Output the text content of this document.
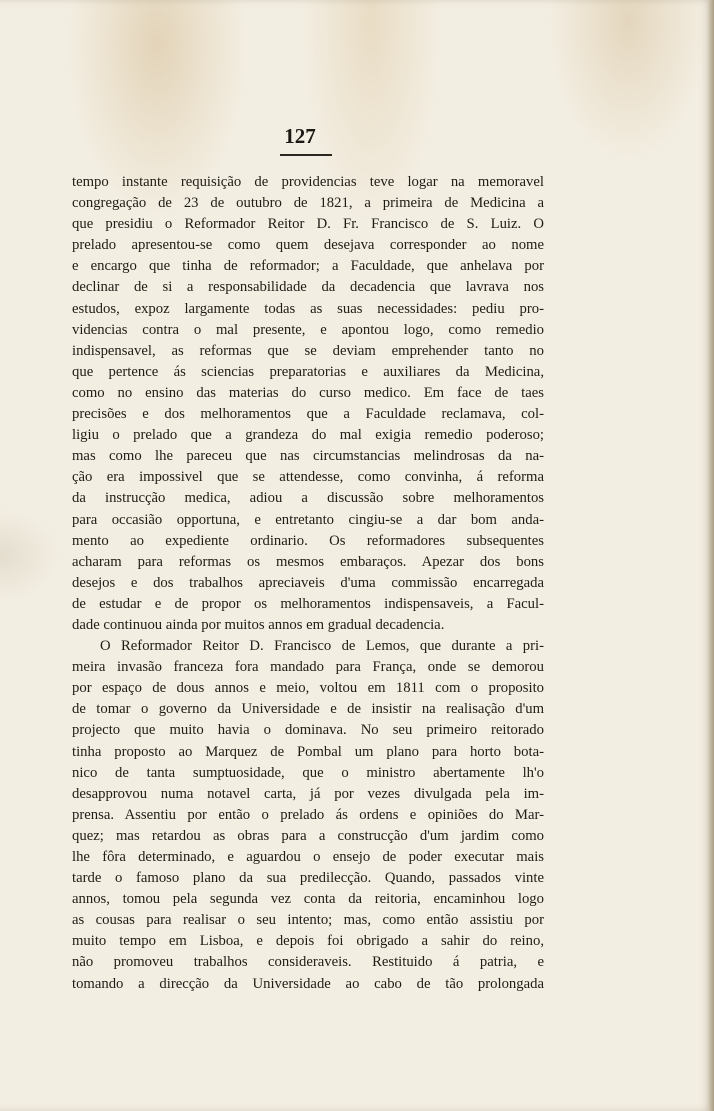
127
tempo instante requisição de providencias teve logar na memoravel
congregação de 23 de outubro de 1821, a primeira de Medicina a
que presidiu o Reformador Reitor D. Fr. Francisco de S. Luiz. O
prelado apresentou-se como quem desejava corresponder ao nome
e encargo que tinha de reformador; a Faculdade, que anhelava por
declinar de si a responsabilidade da decadencia que lavrava nos
estudos, expoz largamente todas as suas necessidades: pediu pro-
videncias contra o mal presente, e apontou logo, como remedio
indispensavel, as reformas que se deviam emprehender tanto no
que pertence ás sciencias preparatorias e auxiliares da Medicina,
como no ensino das materias do curso medico. Em face de taes
precisões e dos melhoramentos que a Faculdade reclamava, col-
ligiu o prelado que a grandeza do mal exigia remedio poderoso;
mas como lhe pareceu que nas circumstancias melindrosas da na-
ção era impossivel que se attendesse, como convinha, á reforma
da instrucção medica, adiou a discussão sobre melhoramentos
para occasião opportuna, e entretanto cingiu-se a dar bom anda-
mento ao expediente ordinario. Os reformadores subsequentes
acharam para reformas os mesmos embaraços. Apezar dos bons
desejos e dos trabalhos apreciaveis d'uma commissão encarregada
de estudar e de propor os melhoramentos indispensaveis, a Facul-
dade continuou ainda por muitos annos em gradual decadencia.
O Reformador Reitor D. Francisco de Lemos, que durante a pri-
meira invasão franceza fora mandado para França, onde se demorou
por espaço de dous annos e meio, voltou em 1811 com o proposito
de tomar o governo da Universidade e de insistir na realisação d'um
projecto que muito havia o dominava. No seu primeiro reitorado
tinha proposto ao Marquez de Pombal um plano para horto bota-
nico de tanta sumptuosidade, que o ministro abertamente lh'o
desapprovou numa notavel carta, já por vezes divulgada pela im-
prensa. Assentiu por então o prelado ás ordens e opiniões do Mar-
quez; mas retardou as obras para a construcção d'um jardim como
lhe fôra determinado, e aguardou o ensejo de poder executar mais
tarde o famoso plano da sua predilecção. Quando, passados vinte
annos, tomou pela segunda vez conta da reitoria, encaminhou logo
as cousas para realisar o seu intento; mas, como então assistiu por
muito tempo em Lisboa, e depois foi obrigado a sahir do reino,
não promoveu trabalhos consideraveis. Restituido á patria, e
tomando a direcção da Universidade ao cabo de tão prolongada
